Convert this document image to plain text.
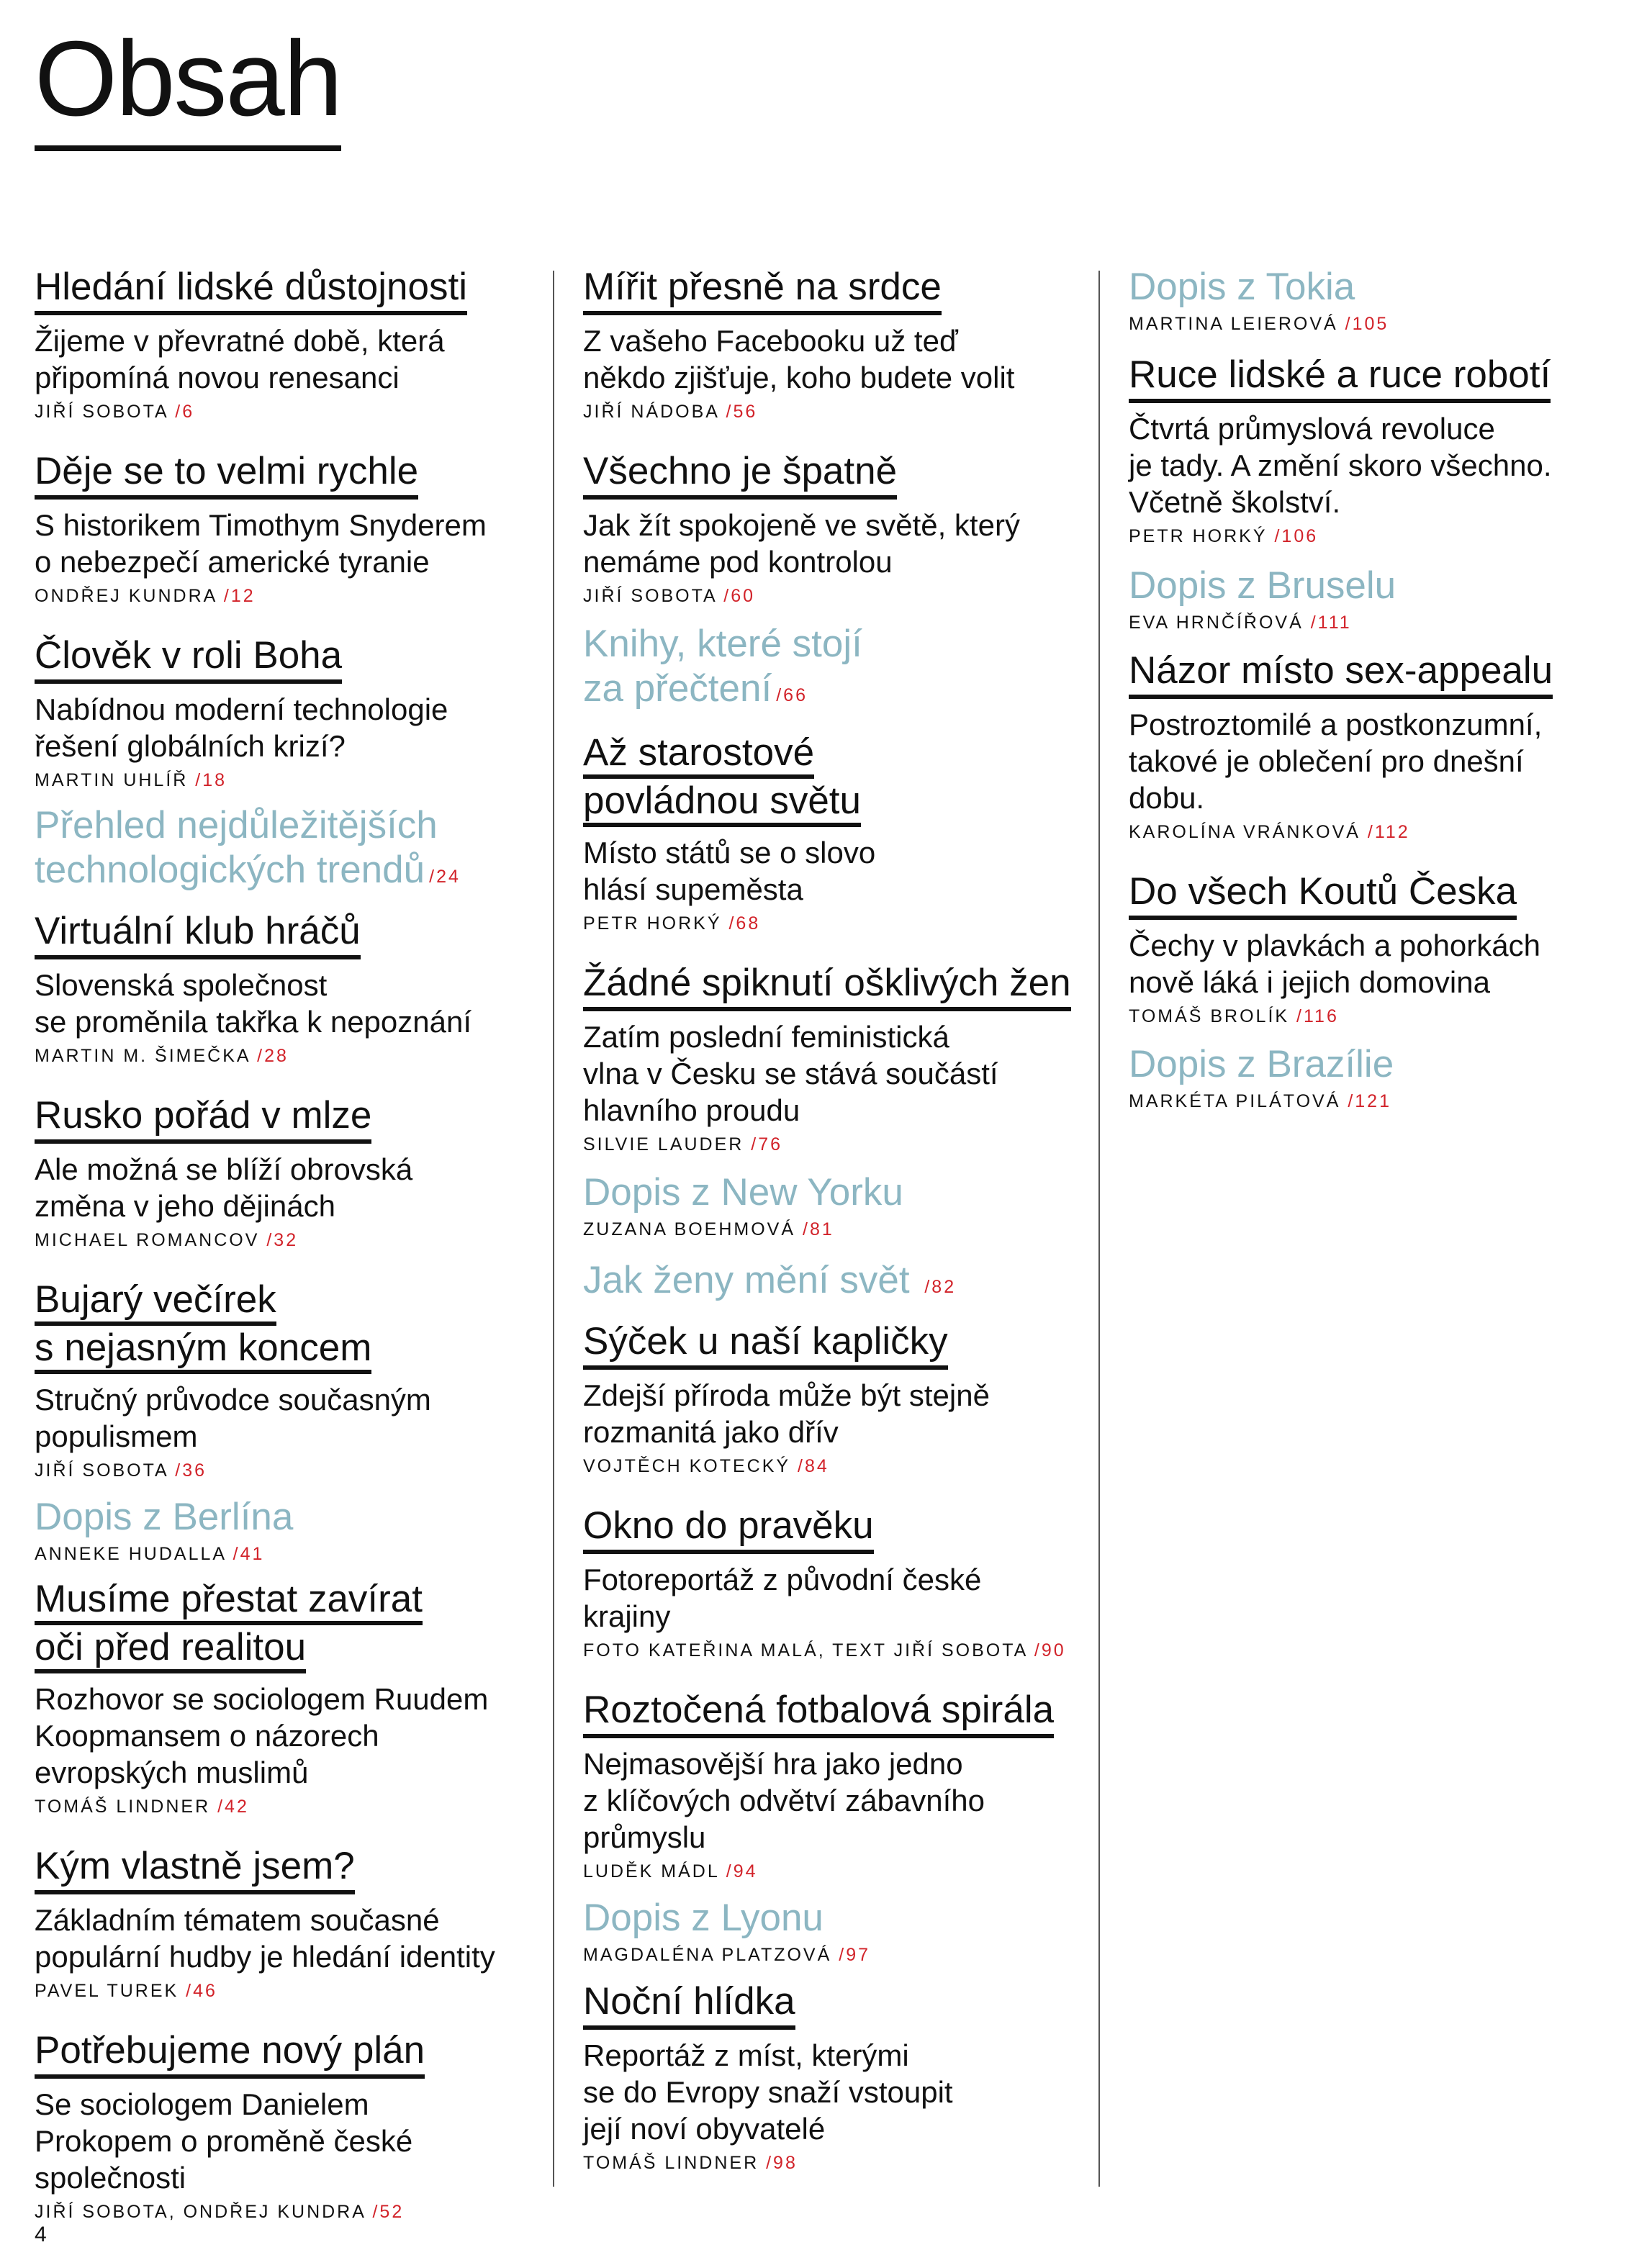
Obsah
Hledání lidské důstojnosti
Žijeme v převratné době, která
připomíná novou renesanci
JIŘÍ SOBOTA /6
Děje se to velmi rychle
S historikem Timothym Snyderem
o nebezpečí americké tyranie
ONDŘEJ KUNDRA /12
Člověk v roli Boha
Nabídnou moderní technologie
řešení globálních krizí?
MARTIN UHLÍŘ /18
Přehled nejdůležitějších
technologických trendů /24
Virtuální klub hráčů
Slovenská společnost
se proměnila takřka k nepoznání
MARTIN M. ŠIMEČKA /28
Rusko pořád v mlze
Ale možná se blíží obrovská
změna v jeho dějinách
MICHAEL ROMANCOV /32
Bujarý večírek
s nejasným koncem
Stručný průvodce současným
populismem
JIŘÍ SOBOTA /36
Dopis z Berlína
ANNEKE HUDALLA /41
Musíme přestat zavírat
oči před realitou
Rozhovor se sociologem Ruudem
Koopmansem o názorech
evropských muslimů
TOMÁŠ LINDNER /42
Kým vlastně jsem?
Základním tématem současné
populární hudby je hledání identity
PAVEL TUREK /46
Potřebujeme nový plán
Se sociologem Danielem
Prokopem o proměně české
společnosti
JIŘÍ SOBOTA, ONDŘEJ KUNDRA /52
Mířit přesně na srdce
Z vašeho Facebooku už teď
někdo zjišťuje, koho budete volit
JIŘÍ NÁDOBA /56
Všechno je špatně
Jak žít spokojeně ve světě, který
nemáme pod kontrolou
JIŘÍ SOBOTA /60
Knihy, které stojí
za přečtení /66
Až starostové
povládnou světu
Místo států se o slovo
hlásí supeměsta
PETR HORKÝ /68
Žádné spiknutí ošklivých žen
Zatím poslední feministická
vlna v Česku se stává součástí
hlavního proudu
SILVIE LAUDER /76
Dopis z New Yorku
ZUZANA BOEHMOVÁ /81
Jak ženy mění svět /82
Sýček u naší kapličky
Zdejší příroda může být stejně
rozmanitá jako dřív
VOJTĚCH KOTECKÝ /84
Okno do pravěku
Fotoreportáž z původní české
krajiny
FOTO KATEŘINA MALÁ, TEXT JIŘÍ SOBOTA /90
Roztočená fotbalová spirála
Nejmasovější hra jako jedno
z klíčových odvětví zábavního
průmyslu
LUDĚK MÁDL /94
Dopis z Lyonu
MAGDALÉNA PLATZOVÁ /97
Noční hlídka
Reportáž z míst, kterými
se do Evropy snaží vstoupit
její noví obyvatelé
TOMÁŠ LINDNER /98
Dopis z Tokia
MARTINA LEIEROVÁ /105
Ruce lidské a ruce robotí
Čtvrtá průmyslová revoluce
je tady. A změní skoro všechno.
Včetně školství.
PETR HORKÝ /106
Dopis z Bruselu
EVA HRNČÍŘOVÁ /111
Názor místo sex-appealu
Postroztomilé a postkonzumní,
takové je oblečení pro dnešní
dobu.
KAROLÍNA VRÁNKOVÁ /112
Do všech Koutů Česka
Čechy v plavkách a pohorkách
nově láká i jejich domovina
TOMÁŠ BROLÍK /116
Dopis z Brazílie
MARKÉTA PILÁTOVÁ /121
4
